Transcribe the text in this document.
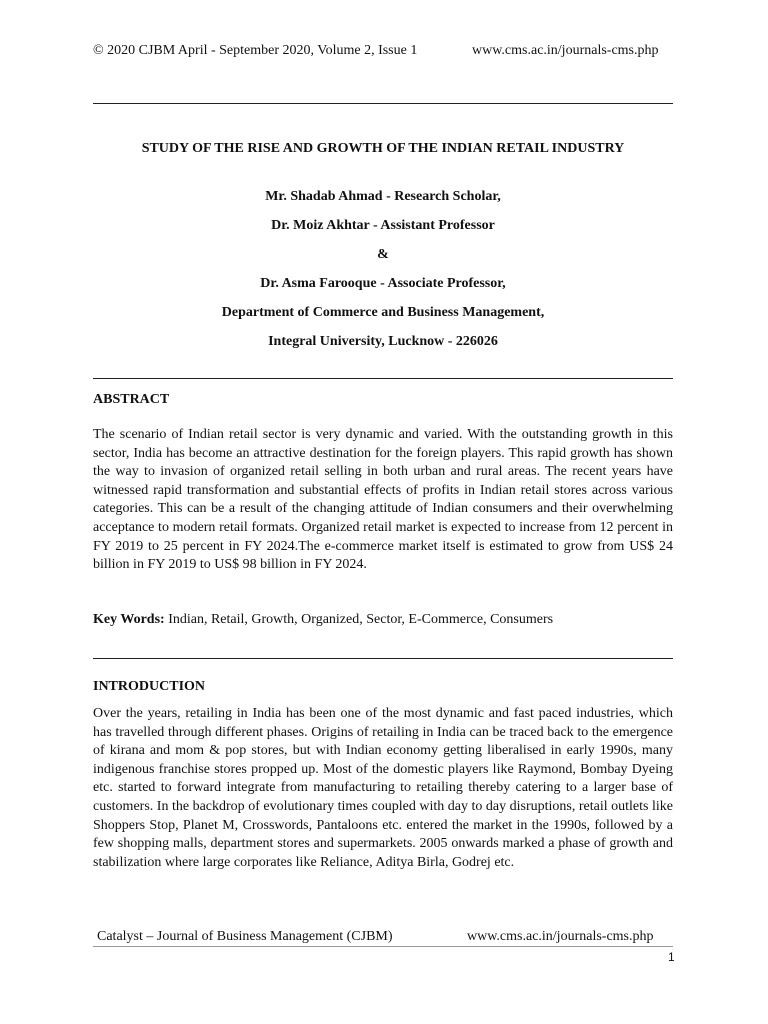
© 2020 CJBM April - September 2020, Volume 2, Issue 1	www.cms.ac.in/journals-cms.php
STUDY OF THE RISE AND GROWTH OF THE INDIAN RETAIL INDUSTRY
Mr. Shadab Ahmad - Research Scholar,
Dr. Moiz Akhtar - Assistant Professor
&
Dr. Asma Farooque - Associate Professor,
Department of Commerce and Business Management,
Integral University, Lucknow - 226026
ABSTRACT

The scenario of Indian retail sector is very dynamic and varied. With the outstanding growth in this sector, India has become an attractive destination for the foreign players. This rapid growth has shown the way to invasion of organized retail selling in both urban and rural areas. The recent years have witnessed rapid transformation and substantial effects of profits in Indian retail stores across various categories. This can be a result of the changing attitude of Indian consumers and their overwhelming acceptance to modern retail formats. Organized retail market is expected to increase from 12 percent in FY 2019 to 25 percent in FY 2024.The e-commerce market itself is estimated to grow from US$ 24 billion in FY 2019 to US$ 98 billion in FY 2024.

Key Words: Indian, Retail, Growth, Organized, Sector, E-Commerce, Consumers
INTRODUCTION

Over the years, retailing in India has been one of the most dynamic and fast paced industries, which has travelled through different phases. Origins of retailing in India can be traced back to the emergence of kirana and mom & pop stores, but with Indian economy getting liberalised in early 1990s, many indigenous franchise stores propped up. Most of the domestic players like Raymond, Bombay Dyeing etc. started to forward integrate from manufacturing to retailing thereby catering to a larger base of customers. In the backdrop of evolutionary times coupled with day to day disruptions, retail outlets like Shoppers Stop, Planet M, Crosswords, Pantaloons etc. entered the market in the 1990s, followed by a few shopping malls, department stores and supermarkets. 2005 onwards marked a phase of growth and stabilization where large corporates like Reliance, Aditya Birla, Godrej etc.

Catalyst – Journal of Business Management (CJBM)	www.cms.ac.in/journals-cms.php
1
